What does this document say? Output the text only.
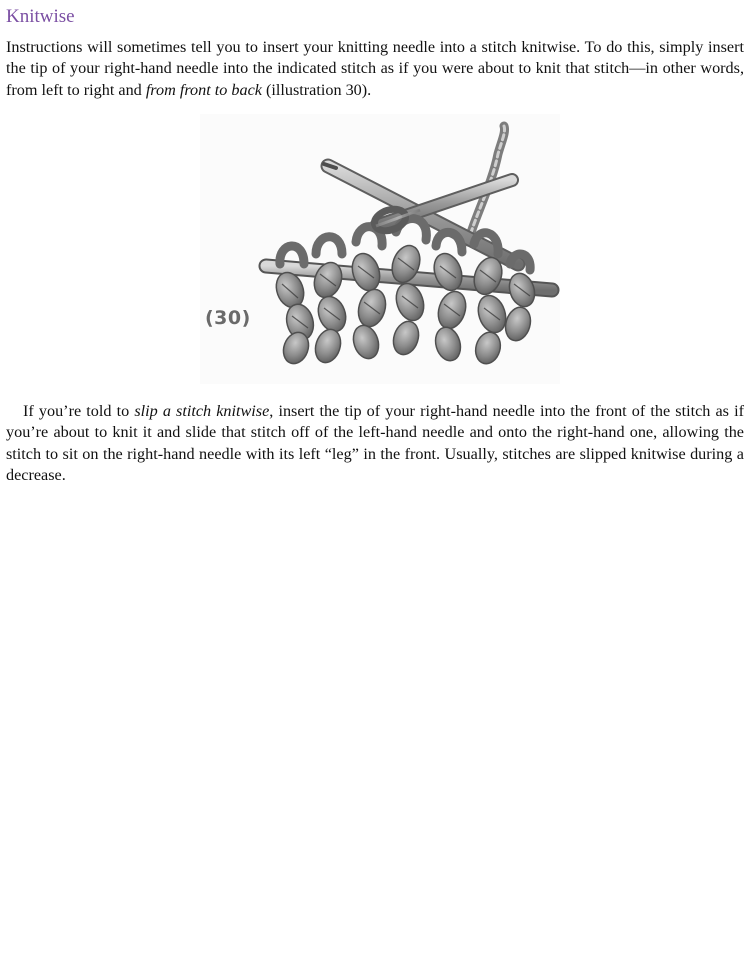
Knitwise

Instructions will sometimes tell you to insert your knitting needle into a stitch knitwise. To do this, simply insert the tip of your right-hand needle into the indicated stitch as if you were about to knit that stitch—in other words, from left to right and from front to back (illustration 30).

(30)

If you’re told to slip a stitch knitwise, insert the tip of your right-hand needle into the front of the stitch as if you’re about to knit it and slide that stitch off of the left-hand needle and onto the right-hand one, allowing the stitch to sit on the right-hand needle with its left “leg” in the front. Usually, stitches are slipped knitwise during a decrease.
